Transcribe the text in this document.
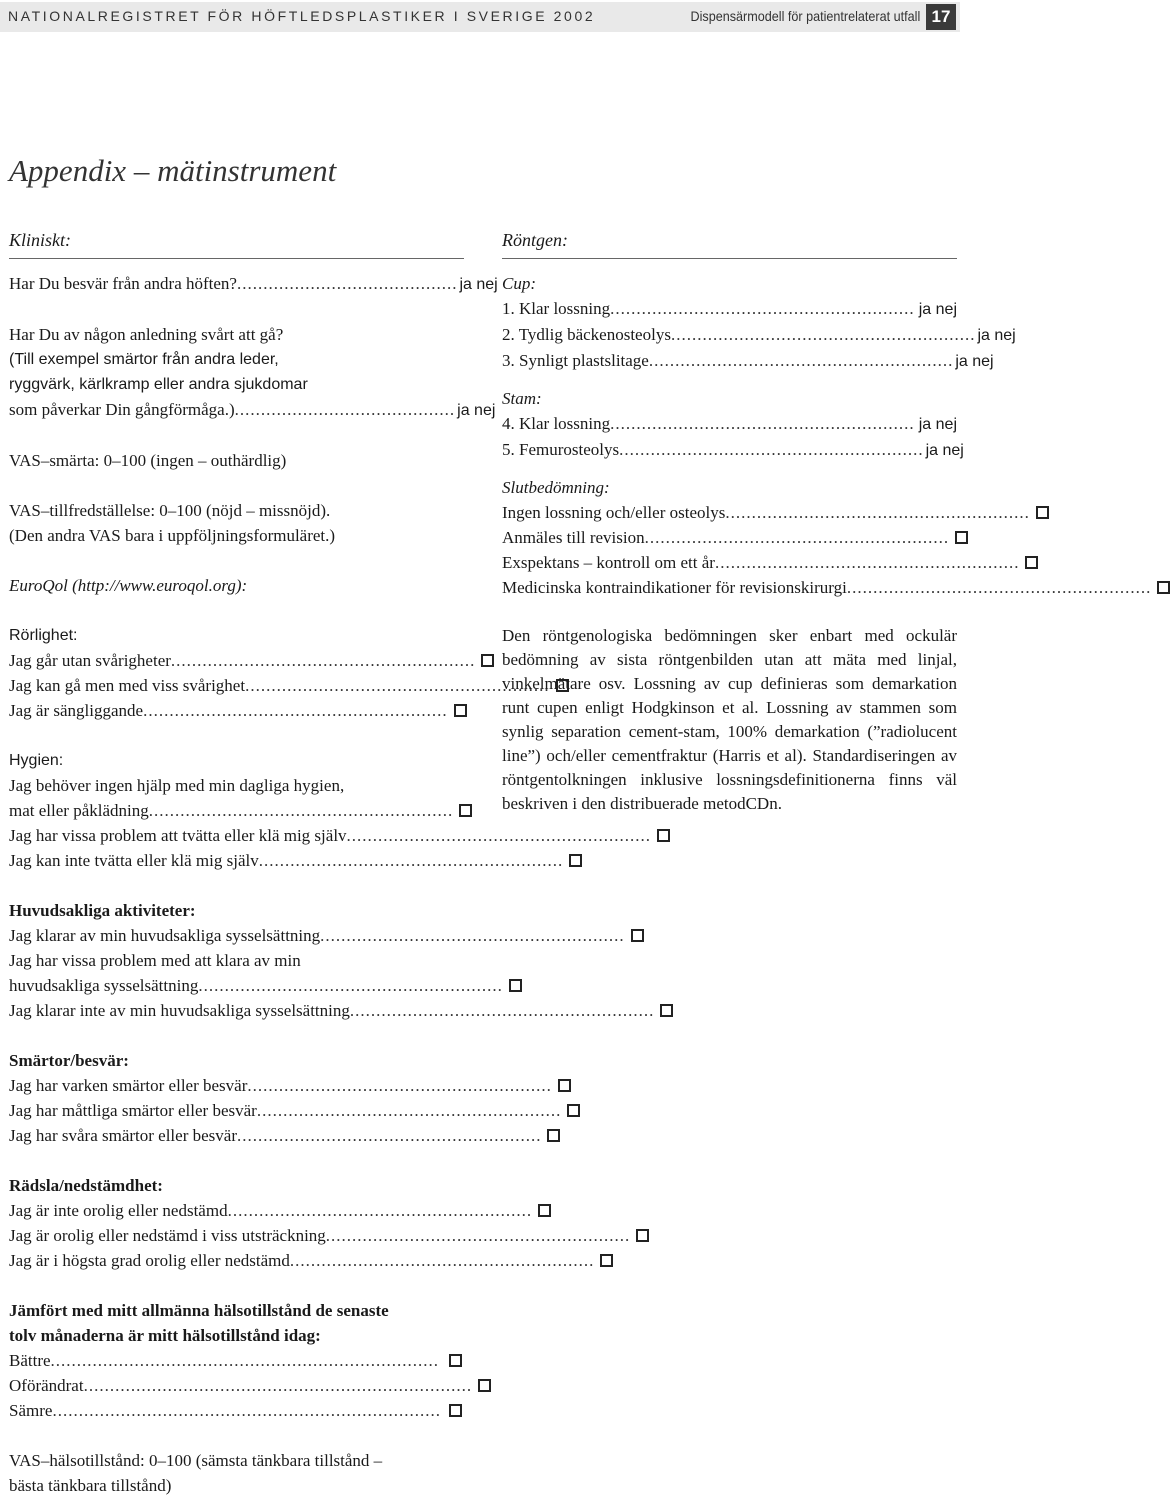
NATIONALREGISTRET FÖR HÖFTLEDSPLASTIKER I SVERIGE 2002	Dispensärmodell för patientrelaterat utfall 17
Appendix – mätinstrument
Kliniskt:
Har Du besvär från andra höften? .......................................... ja nej
Har Du av någon anledning svårt att gå?
(Till exempel smärtor från andra leder,
ryggvärk, kärlkramp eller andra sjukdomar
som påverkar Din gångförmåga.) .......................................... ja nej
VAS–smärta: 0–100 (ingen – outhärdlig)
VAS–tillfredställelse: 0–100 (nöjd – missnöjd).
(Den andra VAS bara i uppföljningsformuläret.)
EuroQol (http://www.euroqol.org):
Rörlighet:
Jag går utan svårigheter ..........................................................
Jag kan gå men med viss svårighet ..........................................................
Jag är sängliggande ..........................................................
Hygien:
Jag behöver ingen hjälp med min dagliga hygien,
mat eller påklädning ..........................................................
Jag har vissa problem att tvätta eller klä mig själv ..........................................................
Jag kan inte tvätta eller klä mig själv ..........................................................
Huvudsakliga aktiviteter:
Jag klarar av min huvudsakliga sysselsättning ..........................................................
Jag har vissa problem med att klara av min
huvudsakliga sysselsättning ..........................................................
Jag klarar inte av min huvudsakliga sysselsättning ..........................................................
Smärtor/besvär:
Jag har varken smärtor eller besvär ..........................................................
Jag har måttliga smärtor eller besvär ..........................................................
Jag har svåra smärtor eller besvär ..........................................................
Rädsla/nedstämdhet:
Jag är inte orolig eller nedstämd ..........................................................
Jag är orolig eller nedstämd i viss utsträckning ..........................................................
Jag är i högsta grad orolig eller nedstämd ..........................................................
Jämfört med mitt allmänna hälsotillstånd de senaste
tolv månaderna är mitt hälsotillstånd idag:
Bättre ..........................................................................
Oförändrat ..........................................................................
Sämre ..........................................................................
VAS–hälsotillstånd: 0–100 (sämsta tänkbara tillstånd –
bästa tänkbara tillstånd)
Röntgen:
Cup:
1. Klar lossning .......................................................... ja nej
2. Tydlig bäckenosteolys .......................................................... ja nej
3. Synligt plastslitage .......................................................... ja nej
Stam:
4. Klar lossning .......................................................... ja nej
5. Femurosteolys .......................................................... ja nej
Slutbedömning:
Ingen lossning och/eller osteolys ..........................................................
Anmäles till revision ..........................................................
Exspektans – kontroll om ett år ..........................................................
Medicinska kontraindikationer för revisionskirurgi ..........................................................

Den röntgenologiska bedömningen sker enbart med ockulär bedömning av sista röntgenbilden utan att mäta med linjal, vinkelmätare osv. Lossning av cup definieras som demarkation runt cupen enligt Hodgkinson et al. Lossning av stammen som synlig separation cement-stam, 100% demarkation (”radiolucent line”) och/eller cementfraktur (Harris et al). Standardiseringen av röntgentolkningen inklusive lossningsdefinitionerna finns väl beskriven i den distribuerade metodCDn.
